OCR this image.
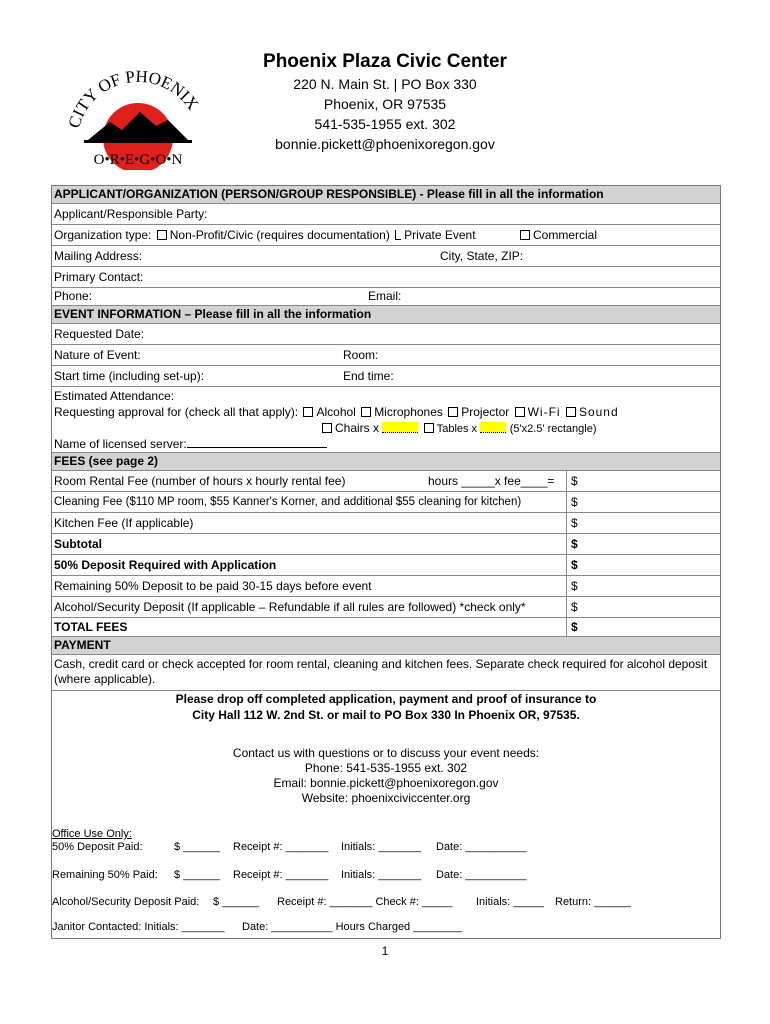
CITY OF PHOENIX
O•R•E•G•O•N
Phoenix Plaza Civic Center
220 N. Main St. | PO Box 330
Phoenix, OR 97535
541-535-1955 ext. 302
bonnie.pickett@phoenixoregon.gov
APPLICANT/ORGANIZATION (PERSON/GROUP RESPONSIBLE) - Please fill in all the information
Applicant/Responsible Party:
Organization type: Non-Profit/Civic (requires documentation) Private Event	Commercial
Mailing Address:	City, State, ZIP:
Primary Contact:
Phone:	Email:
EVENT INFORMATION – Please fill in all the information
Requested Date:
Nature of Event:	Room:
Start time (including set-up):	End time:
Estimated Attendance:
Requesting approval for (check all that apply): Alcohol Microphones Projector Wi-Fi Sound
Chairs x	Tables x	(5'x2.5' rectangle)
Name of licensed server:
FEES (see page 2)
Room Rental Fee (number of hours x hourly rental fee)	hours _____x fee____=	$
Cleaning Fee ($110 MP room, $55 Kanner's Korner, and additional $55 cleaning for kitchen)	$
Kitchen Fee (If applicable)	$
Subtotal	$
50% Deposit Required with Application	$
Remaining 50% Deposit to be paid 30-15 days before event	$
Alcohol/Security Deposit (If applicable – Refundable if all rules are followed) *check only*	$
TOTAL FEES	$
PAYMENT
Cash, credit card or check accepted for room rental, cleaning and kitchen fees. Separate check required for alcohol deposit (where applicable).
Please drop off completed application, payment and proof of insurance to
City Hall 112 W. 2nd St. or mail to PO Box 330 In Phoenix OR, 97535.
Contact us with questions or to discuss your event needs:
Phone: 541-535-1955 ext. 302
Email: bonnie.pickett@phoenixoregon.gov
Website: phoenixciviccenter.org
Office Use Only:
50% Deposit Paid:	$ ______ Receipt #: _______ Initials: _______ Date: __________
Remaining 50% Paid: $ ______ Receipt #: _______ Initials: _______ Date: __________
Alcohol/Security Deposit Paid: $ ______ Receipt #: _______ Check #: _____ Initials: _____ Return: ______
Janitor Contacted: Initials: _______ Date: __________ Hours Charged ________
1
